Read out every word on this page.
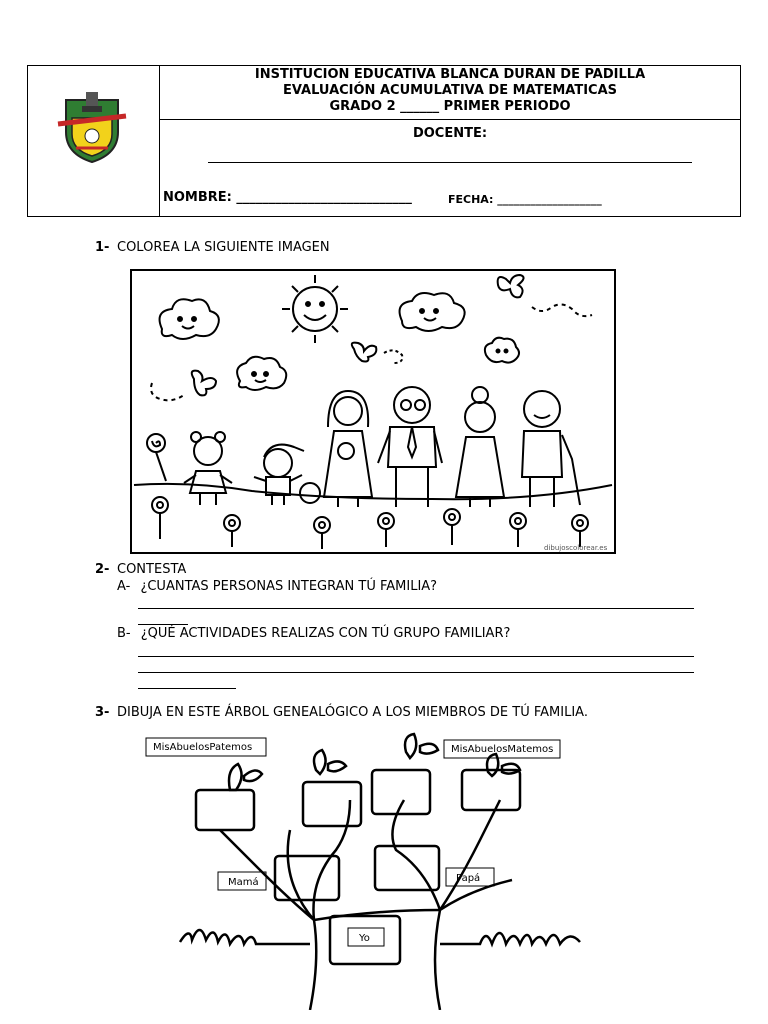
INSTITUCION EDUCATIVA BLANCA DURAN DE PADILLA
EVALUACIÓN ACUMULATIVA DE MATEMATICAS
GRADO 2 ______ PRIMER PERIODO
DOCENTE:
NOMBRE: ___________________________	FECHA: ___________________
1- COLOREA LA SIGUIENTE IMAGEN
dibujoscolorear.es
2- CONTESTA
A- ¿CUANTAS PERSONAS INTEGRAN TÚ FAMILIA?
B- ¿QUÉ ACTIVIDADES REALIZAS CON TÚ GRUPO FAMILIAR?
3- DIBUJA EN ESTE ÁRBOL GENEALÓGICO A LOS MIEMBROS DE TÚ FAMILIA.
MisAbuelosPatemos	MisAbuelosMatemos
Mamá	Papá
Yo
